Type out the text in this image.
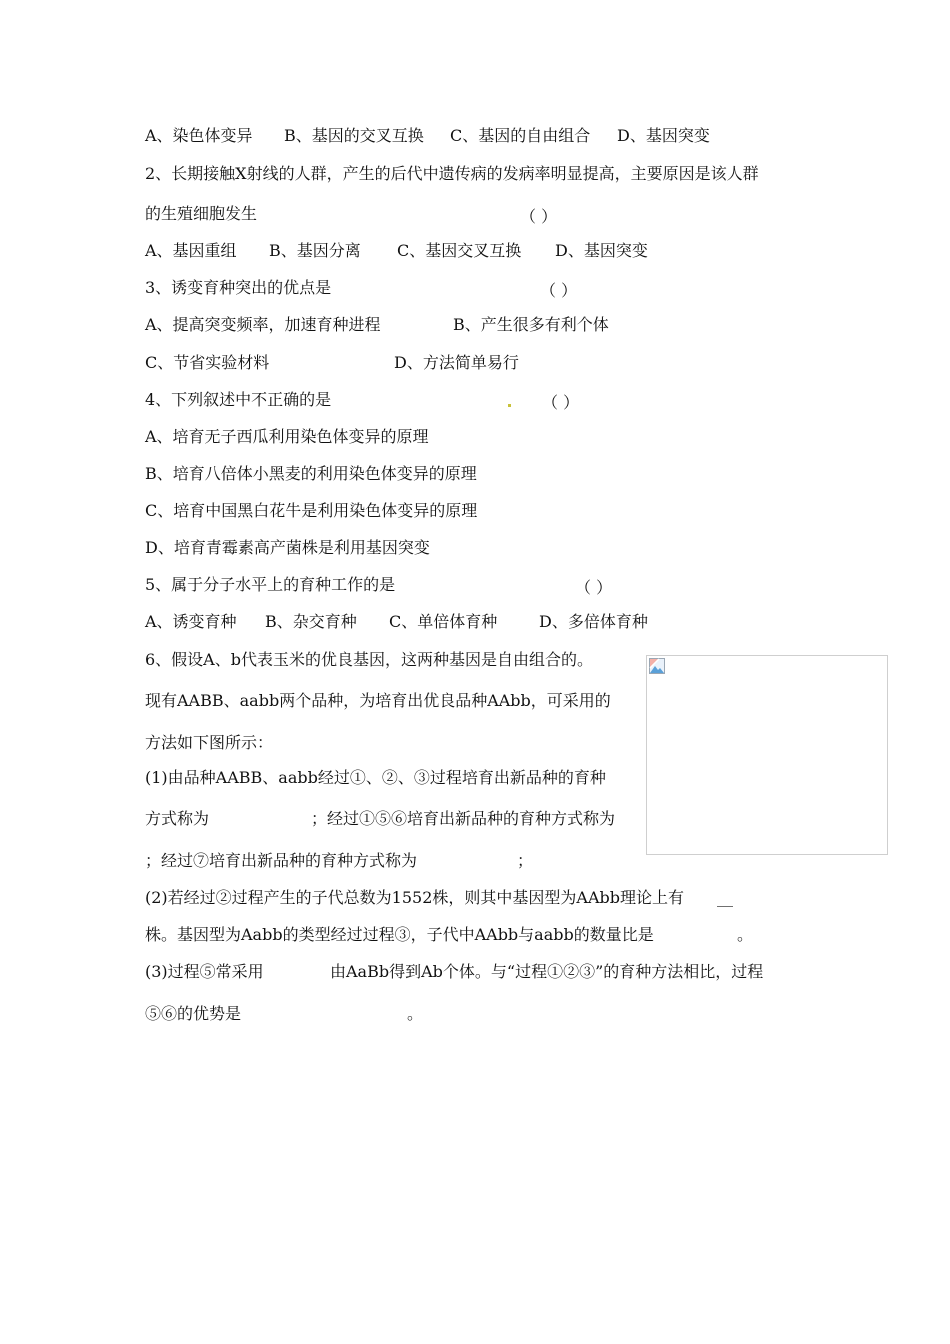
A、染色体变异 B、基因的交叉互换 C、基因的自由组合 D、基因突变
2、长期接触X射线的人群，产生的后代中遗传病的发病率明显提高，主要原因是该人群
的生殖细胞发生	（ ）
A、基因重组 B、基因分离 C、基因交叉互换 D、基因突变
3、诱变育种突出的优点是	（ ）
A、提高突变频率，加速育种进程	B、产生很多有利个体
C、节省实验材料	D、方法简单易行
4、下列叙述中不正确的是	（ ）
A、培育无子西瓜利用染色体变异的原理
B、培育八倍体小黑麦的利用染色体变异的原理
C、培育中国黑白花牛是利用染色体变异的原理
D、培育青霉素高产菌株是利用基因突变
5、属于分子水平上的育种工作的是	（ ）
A、诱变育种 B、杂交育种 C、单倍体育种	D、多倍体育种
6、假设A、b代表玉米的优良基因，这两种基因是自由组合的。
现有AABB、aabb两个品种，为培育出优良品种AAbb，可采用的
方法如下图所示：
(1)由品种AABB、aabb经过①、②、③过程培育出新品种的育种
方式称为	；经过①⑤⑥培育出新品种的育种方式称为
；经过⑦培育出新品种的育种方式称为	；
(2)若经过②过程产生的子代总数为1552株，则其中基因型为AAbb理论上有 __
株。基因型为Aabb的类型经过过程③，子代中AAbb与aabb的数量比是	。
(3)过程⑤常采用	由AaBb得到Ab个体。与“过程①②③”的育种方法相比，过程
⑤⑥的优势是	。
